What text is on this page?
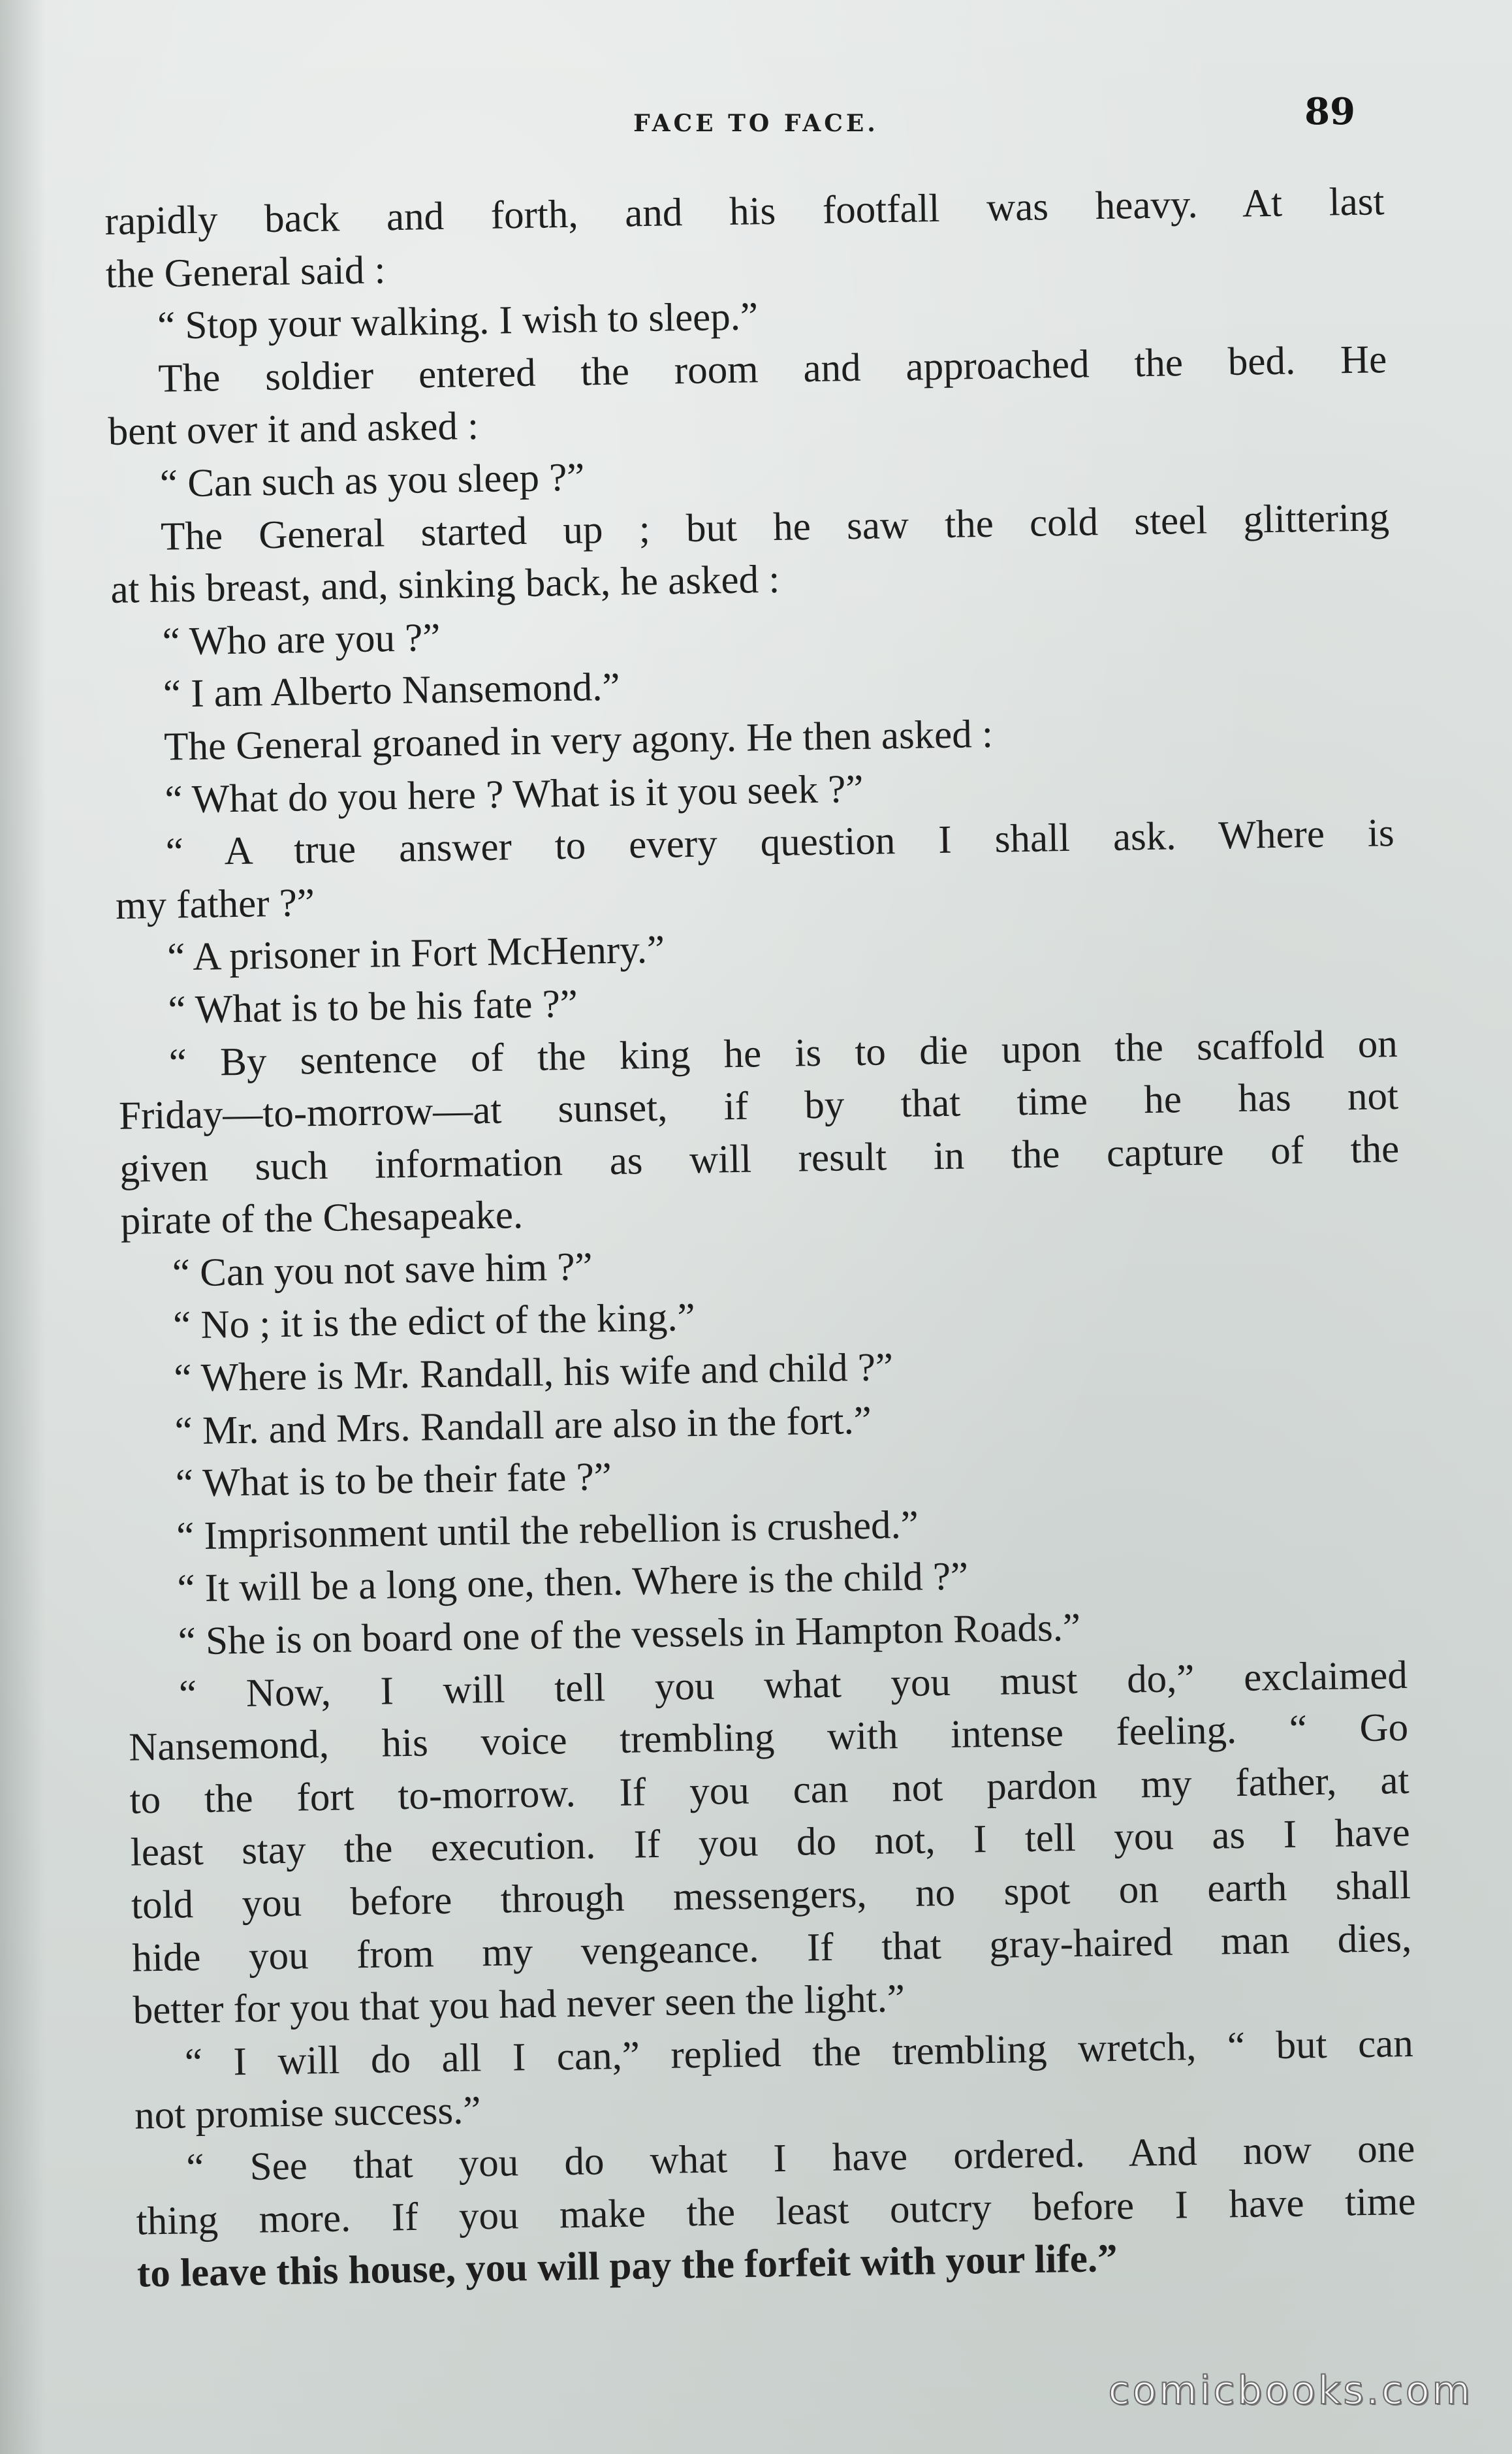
FACE TO FACE.	89
rapidly back and forth, and his footfall was heavy. At last
the General said :
“ Stop your walking. I wish to sleep.”
The soldier entered the room and approached the bed. He
bent over it and asked :
“ Can such as you sleep ?”
The General started up ; but he saw the cold steel glittering
at his breast, and, sinking back, he asked :
“ Who are you ?”
“ I am Alberto Nansemond.”
The General groaned in very agony. He then asked :
“ What do you here ? What is it you seek ?”
“ A true answer to every question I shall ask. Where is
my father ?”
“ A prisoner in Fort McHenry.”
“ What is to be his fate ?”
“ By sentence of the king he is to die upon the scaffold on
Friday—to-morrow—at sunset, if by that time he has not
given such information as will result in the capture of the
pirate of the Chesapeake.
“ Can you not save him ?”
“ No ; it is the edict of the king.”
“ Where is Mr. Randall, his wife and child ?”
“ Mr. and Mrs. Randall are also in the fort.”
“ What is to be their fate ?”
“ Imprisonment until the rebellion is crushed.”
“ It will be a long one, then. Where is the child ?”
“ She is on board one of the vessels in Hampton Roads.”
“ Now, I will tell you what you must do,” exclaimed
Nansemond, his voice trembling with intense feeling. “ Go
to the fort to-morrow. If you can not pardon my father, at
least stay the execution. If you do not, I tell you as I have
told you before through messengers, no spot on earth shall
hide you from my vengeance. If that gray-haired man dies,
better for you that you had never seen the light.”
“ I will do all I can,” replied the trembling wretch, “ but can
not promise success.”
“ See that you do what I have ordered. And now one
thing more. If you make the least outcry before I have time
to leave this house, you will pay the forfeit with your life.”
comicbooks.com
